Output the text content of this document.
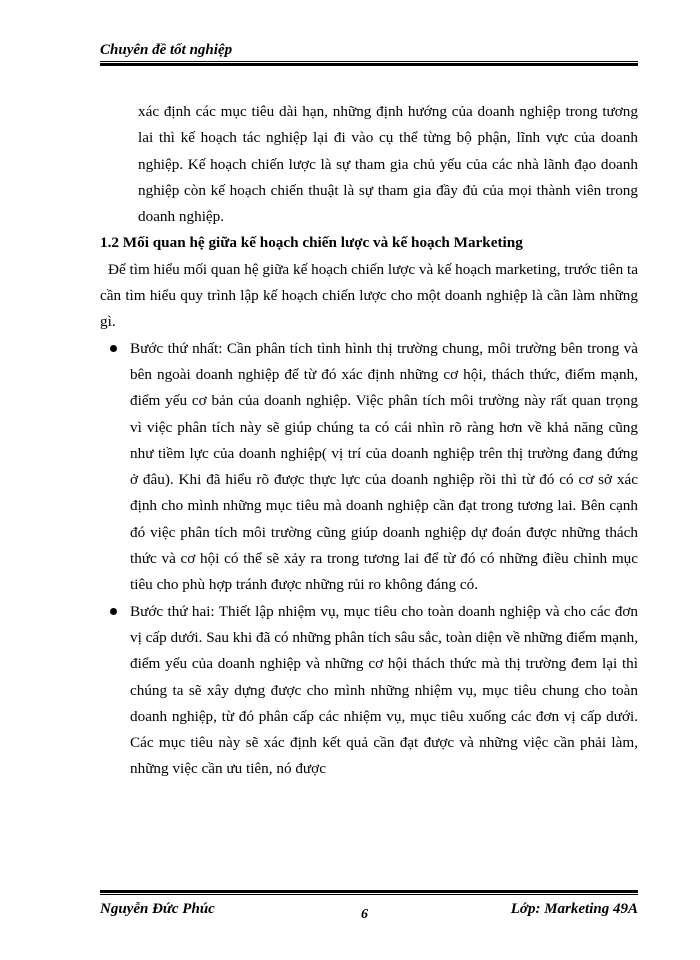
Chuyên đề tốt nghiệp

xác định các mục tiêu dài hạn, những định hướng của doanh nghiệp trong tương lai thì kế hoạch tác nghiệp lại đi vào cụ thể từng bộ phận, lĩnh vực của doanh nghiệp. Kế hoạch chiến lược là sự tham gia chủ yếu của các nhà lãnh đạo doanh nghiệp còn kế hoạch chiến thuật là sự tham gia đầy đủ của mọi thành viên trong doanh nghiệp.

1.2 Mối quan hệ giữa kế hoạch chiến lược và kế hoạch Marketing

Để tìm hiểu mối quan hệ giữa kế hoạch chiến lược và kế hoạch marketing, trước tiên ta cần tìm hiểu quy trình lập kế hoạch chiến lược cho một doanh nghiệp là cần làm những gì.

Bước thứ nhất: Cần phân tích tình hình thị trường chung, môi trường bên trong và bên ngoài doanh nghiệp để từ đó xác định những cơ hội, thách thức, điểm mạnh, điểm yếu cơ bản của doanh nghiệp. Việc phân tích môi trường này rất quan trọng vì việc phân tích này sẽ giúp chúng ta có cái nhìn rõ ràng hơn về khả năng cũng như tiềm lực của doanh nghiệp( vị trí của doanh nghiệp trên thị trường đang đứng ở đâu). Khi đã hiểu rõ được thực lực của doanh nghiệp rồi thì từ đó có cơ sở xác định cho mình những mục tiêu mà doanh nghiệp cần đạt trong tương lai. Bên cạnh đó việc phân tích môi trường cũng giúp doanh nghiệp dự đoán được những thách thức và cơ hội có thể sẽ xảy ra trong tương lai để từ đó có những điều chỉnh mục tiêu cho phù hợp tránh được những rủi ro không đáng có.
Bước thứ hai: Thiết lập nhiệm vụ, mục tiêu cho toàn doanh nghiệp và cho các đơn vị cấp dưới. Sau khi đã có những phân tích sâu sắc, toàn diện về những điểm mạnh, điểm yếu của doanh nghiệp và những cơ hội thách thức mà thị trường đem lại thì chúng ta sẽ xây dựng được cho mình những nhiệm vụ, mục tiêu chung cho toàn doanh nghiệp, từ đó phân cấp các nhiệm vụ, mục tiêu xuống các đơn vị cấp dưới. Các mục tiêu này sẽ xác định kết quả cần đạt được và những việc cần phải làm, những việc cần ưu tiên, nó được
Nguyễn Đức Phúc	6	Lớp: Marketing 49A
